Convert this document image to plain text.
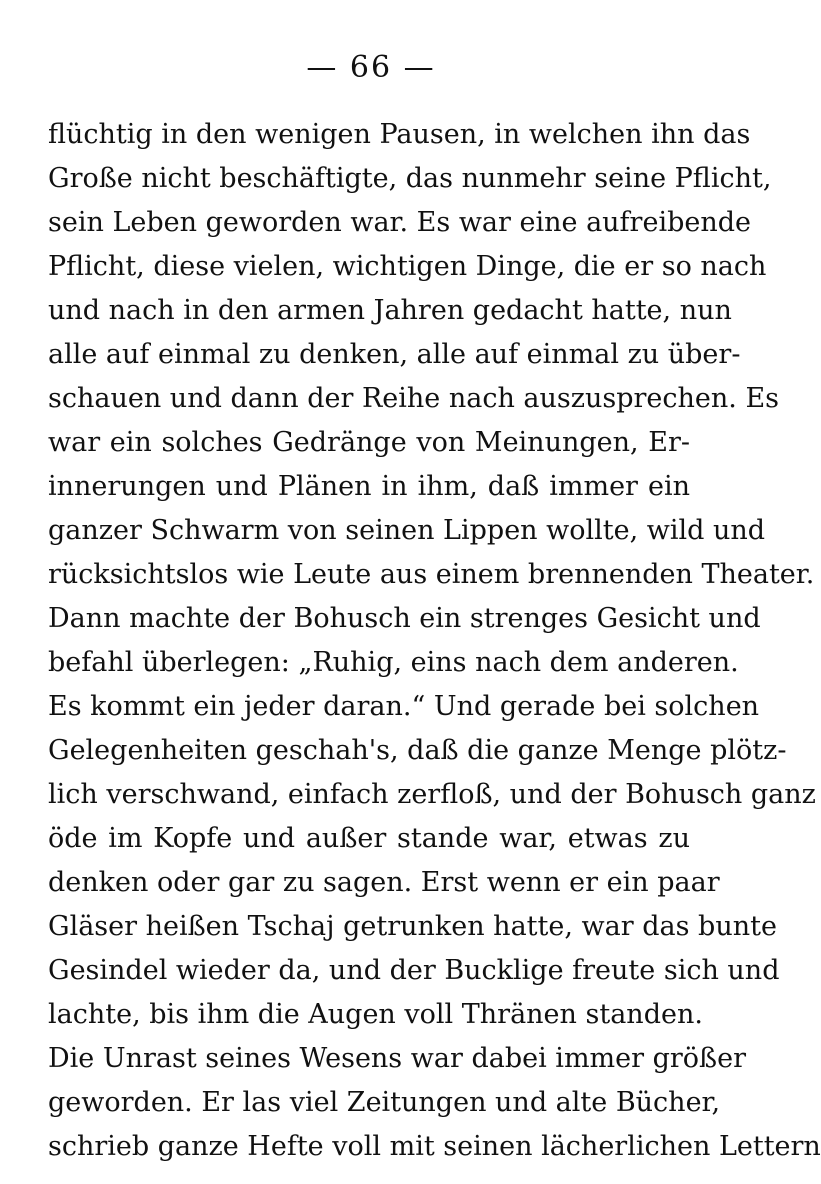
— 66 —
flüchtig in den wenigen Pausen, in welchen ihn das
Große nicht beschäftigte, das nunmehr seine Pflicht,
sein Leben geworden war. Es war eine aufreibende
Pflicht, diese vielen, wichtigen Dinge, die er so nach
und nach in den armen Jahren gedacht hatte, nun
alle auf einmal zu denken, alle auf einmal zu über-
schauen und dann der Reihe nach auszusprechen. Es
war ein solches Gedränge von Meinungen, Er-
innerungen und Plänen in ihm, daß immer ein
ganzer Schwarm von seinen Lippen wollte, wild und
rücksichtslos wie Leute aus einem brennenden Theater.
Dann machte der Bohusch ein strenges Gesicht und
befahl überlegen: „Ruhig, eins nach dem anderen.
Es kommt ein jeder daran.“ Und gerade bei solchen
Gelegenheiten geschah's, daß die ganze Menge plötz-
lich verschwand, einfach zerfloß, und der Bohusch ganz
öde im Kopfe und außer stande war, etwas zu
denken oder gar zu sagen. Erst wenn er ein paar
Gläser heißen Tschaj getrunken hatte, war das bunte
Gesindel wieder da, und der Bucklige freute sich und
lachte, bis ihm die Augen voll Thränen standen.
Die Unrast seines Wesens war dabei immer größer
geworden. Er las viel Zeitungen und alte Bücher,
schrieb ganze Hefte voll mit seinen lächerlichen Lettern
